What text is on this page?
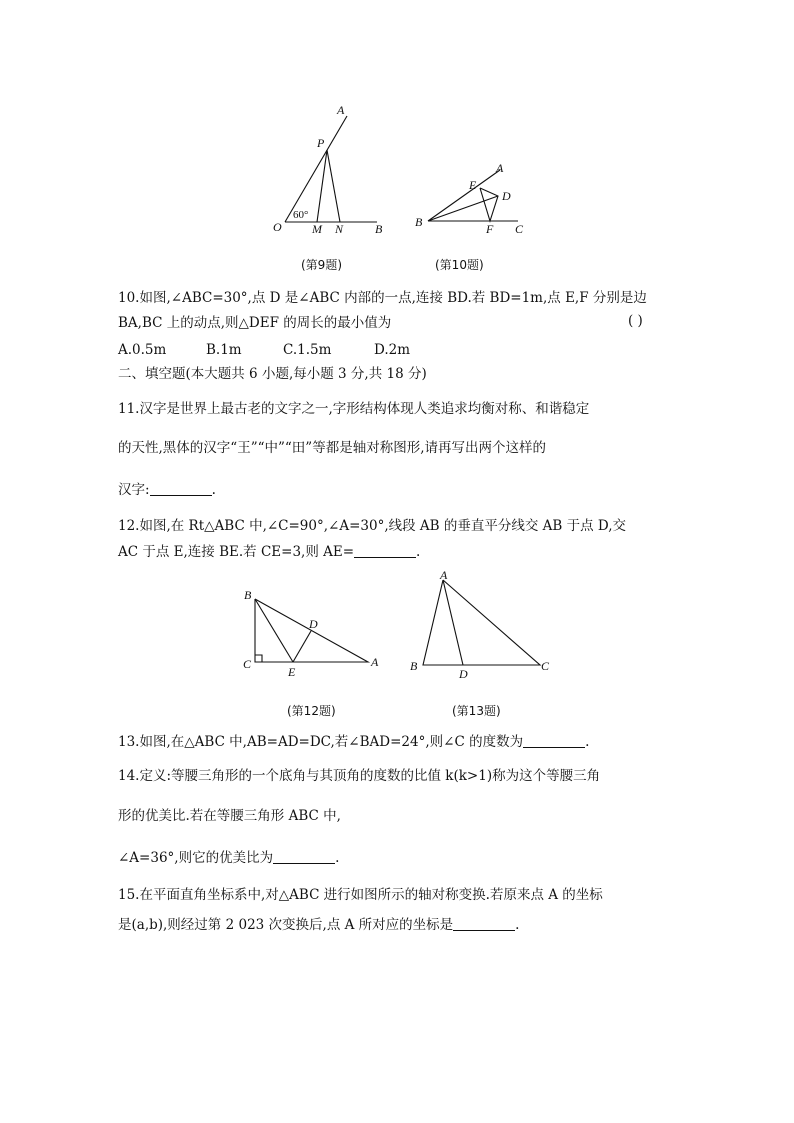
A
P
60°
O	M N	B
(第9题)
A
E
D
B	F C
(第10题)
10.如图,∠ABC=30°,点 D 是∠ABC 内部的一点,连接 BD.若 BD=1m,点 E,F 分别是边
BA,BC 上的动点,则△DEF 的周长的最小值为	( )
A.0.5m	B.1m	C.1.5m	D.2m
二、填空题(本大题共 6 小题,每小题 3 分,共 18 分)
11.汉字是世界上最古老的文字之一,字形结构体现人类追求均衡对称、和谐稳定
的天性,黑体的汉字“王”“中”“田”等都是轴对称图形,请再写出两个这样的
汉字:	.
12.如图,在 Rt△ABC 中,∠C=90°,∠A=30°,线段 AB 的垂直平分线交 AB 于点 D,交
AC 于点 E,连接 BE.若 CE=3,则 AE=	.
B
D
C
E
A
(第12题)
A
B
D
C
(第13题)
13.如图,在△ABC 中,AB=AD=DC,若∠BAD=24°,则∠C 的度数为	.
14.定义:等腰三角形的一个底角与其顶角的度数的比值 k(k>1)称为这个等腰三角
形的优美比.若在等腰三角形 ABC 中,
∠A=36°,则它的优美比为	.
15.在平面直角坐标系中,对△ABC 进行如图所示的轴对称变换.若原来点 A 的坐标
是(a,b),则经过第 2 023 次变换后,点 A 所对应的坐标是	.
